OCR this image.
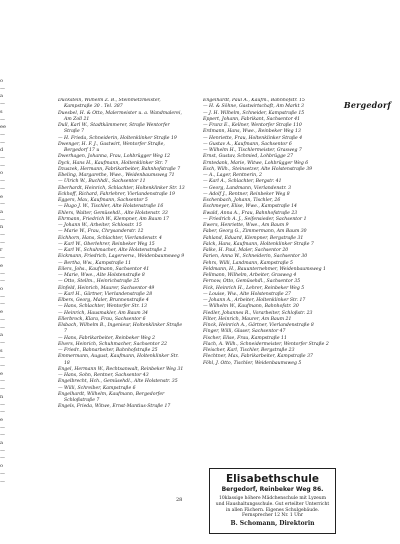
o
—
a
—
s
—
ee
—
—
d
—
—
o
—
—
e
—
a
—
n
—
—
r
—
e
—
—
o
—
—
e
—
—
a
—
s
—
—
e
—
—
n
—
—
e
—
—
a
—
—
o
—
—
Bergedorf

Duckstein, Wilhelm Z. B., Steinmetzmeister, Kampstraße 30 . Tel. 387

Duesbel, H. & Otto, Malermeister u. a. Wandmalerei, Am Zoll 21

Dull, Karl W., Stadtkämmerer, Straße Wentorfer Straße 7

— H. Frieda, Schneiderin, Holtenklinker Straße 19

Dwenger, H. F. J., Gastwirt, Wentorfer Straße, Bergedorf 17 u

Dwerhagen, Johanna, Frau, Lohbrügger Weg 12

Dyck, Hans H., Kaufmann, Holtenklinker Str. 7

Dzuszek, Hermann, Fabrikarbeiter, Bahnhofstraße 7

Ebeling, Margarethe, Wwe., Weidenbaumsweg 71

— Ulrich W., Buchhdl., Sachsentor 11

Eberhardt, Heinrich, Schlachter, Holtenklinker Str. 13

Eckhoff, Richard, Fahrlehrer, Vierlandenstraße 19

Eggers, Max, Kaufmann, Sachsentor 5

— Hugo J. W., Tischler, Alte Holstenstraße 16

Ehlers, Walter, Gemüsehdl., Alte Holstenstr. 33

Ehrmann, Friedrich W., Klempner, Am Baum 17

— Johann W., Arbeiter, Schlosstr. 15

— Marie W., Frau, Chrysanderstr. 12

Eichhorn, Hans, Schlachter, Vierlandenstr. 4

— Karl W., Oberlehrer, Reinbeker Weg 15

— Karl W., Schuhmacher, Alte Holstenstraße 2

Eickmann, Friedrich, Lagerverw., Weidenbaumsweg 9

— Bertha, Ww., Kampstraße 11

Eilers, Johs., Kaufmann, Sachsentor 41

— Marie, Wwe., Alte Holstenstraße 8

— Otto, Stellm., Heinrichstraße 25

Einfeld, Heinrich, Maurer, Sachsentor 49

— Karl H., Gärtner, Vierlandenstraße 28

Elbers, Georg, Maler, Brunnenstraße 4

— Hans, Schlachter, Wentorfer Str. 13

— Heinrich, Hausmakler, Am Baum 34

Ellerbrock, Klara, Frau, Sachsentor 6

Elsbach, Wilhelm B., Ingenieur, Holtenklinker Straße 7

— Hans, Fabrikarbeiter, Reinbeker Weg 2

Elvers, Heinrich, Schuhmacher, Sachsentor 22

— Friedr., Bahnarbeiter, Bahnhofstraße 25

Emmermann, August, Kaufmann, Holtenklinker Str. 18

Engel, Hermann W., Rechtsanwalt, Reinbeker Weg 31

— Hans, Sohn, Rentner, Sachsentor 43

Engelbrecht, Hch., Gemüsehdl., Alte Holstenstr. 35

— Willi, Schreiber, Kampstraße 6

Engelhardt, Wilhelm, Kaufmann, Bergedorfer Schloßstraße 7

Engels, Frieda, Witwe, Ernst-Mantius-Straße 17

Engelhardt, Paul A., Kaufm., Bahnhofstr. 15

— H. & Söhne, Gastwirtschaft, Am Markt 3

— J. H. Wilhelm, Schneider, Kampstraße 15

Eppert, Johann, Fabrikant, Sachsentor 41

— Franz E., Kellner, Wentorfer Straße 110

Erdmann, Hans, Wwe., Reinbeker Weg 13

— Henriette, Frau, Holtenklinker Straße 4

— Gustav A., Kaufmann, Sachsentor 6

— Wilhelm H., Tischlermeister, Grasweg 7

Ernst, Gustav, Schmied, Lohbrügge 27

Erntedank, Marie, Witwe, Lohbrügger Weg 6

Esch, Wilh., Steinsetzer, Alte Holstenstraße 39

— A., Lager, Rentnerin, 2

— Karl A., Schlachter, Bergstr. 41

— Georg, Landmann, Vierlandenstr. 3

— Adolf J., Rentner, Reinbeker Weg 8

Eschenbach, Johann, Tischler, 26

Eschmeyer, Elise, Wwe., Kampstraße 14

Ewald, Anna A., Frau, Bahnhofstraße 23

— Friedrich A. J., Seifensieder, Sachsentor 1

Ewers, Henriette, Wwe., Am Baum 9

Faber, Georg G., Zimmermann, Am Baum 30

Fahland, Eduard, Klempner, Bergstraße 31

Falck, Hans, Kaufmann, Holtenklinker Straße 7

Falke, H. Paul, Maler, Sachsentor 20

Farien, Anna W., Schneiderin, Sachsentor 30

Fehrs, Willi, Landmann, Kampstraße 5

Feldmann, H., Bauunternehmer, Weidenbaumsweg 1

Fellmann, Wilhelm, Arbeiter, Grasweg 4

Fernow, Otto, Gemüsehdl., Sachsentor 35

Fick, Heinrich H., Lehrer, Reinbeker Weg 5

— Louise, Ww., Alte Holstenstraße 27

— Johann A., Arbeiter, Holtenklinker Str. 17

— Wilhelm W., Kaufmann, Bahnhofstr. 30

Fiedler, Johannes R., Vorarbeiter, Schloßstr. 23

Filter, Heinrich, Maurer, Am Baum 21

Finck, Heinrich A., Gärtner, Vierlandenstraße 8

Finger, Willi, Glaser, Sachsentor 47

Fischer, Elise, Frau, Kampstraße 11

Flach, A. Wilh., Schneidermeister, Wentorfer Straße 2

Fleischer, Karl, Tischler, Bergstraße 23

Flechtner, Max, Fabrikarbeiter, Kampstraße 37

Föhl, J. Otto, Tischler, Weidenbaumsweg 5

Elisabethschule
Bergedorf, Reinbeker Weg 86.
10klassige höhere Mädchenschule mit Lyzeum und Haushaltungsschule. Gut erteilter Unterricht in allen Fächern. Eigenes Schulgebäude. Fernsprecher 12 Nr. 1 Uhr
B. Schomann, Direktorin
28
